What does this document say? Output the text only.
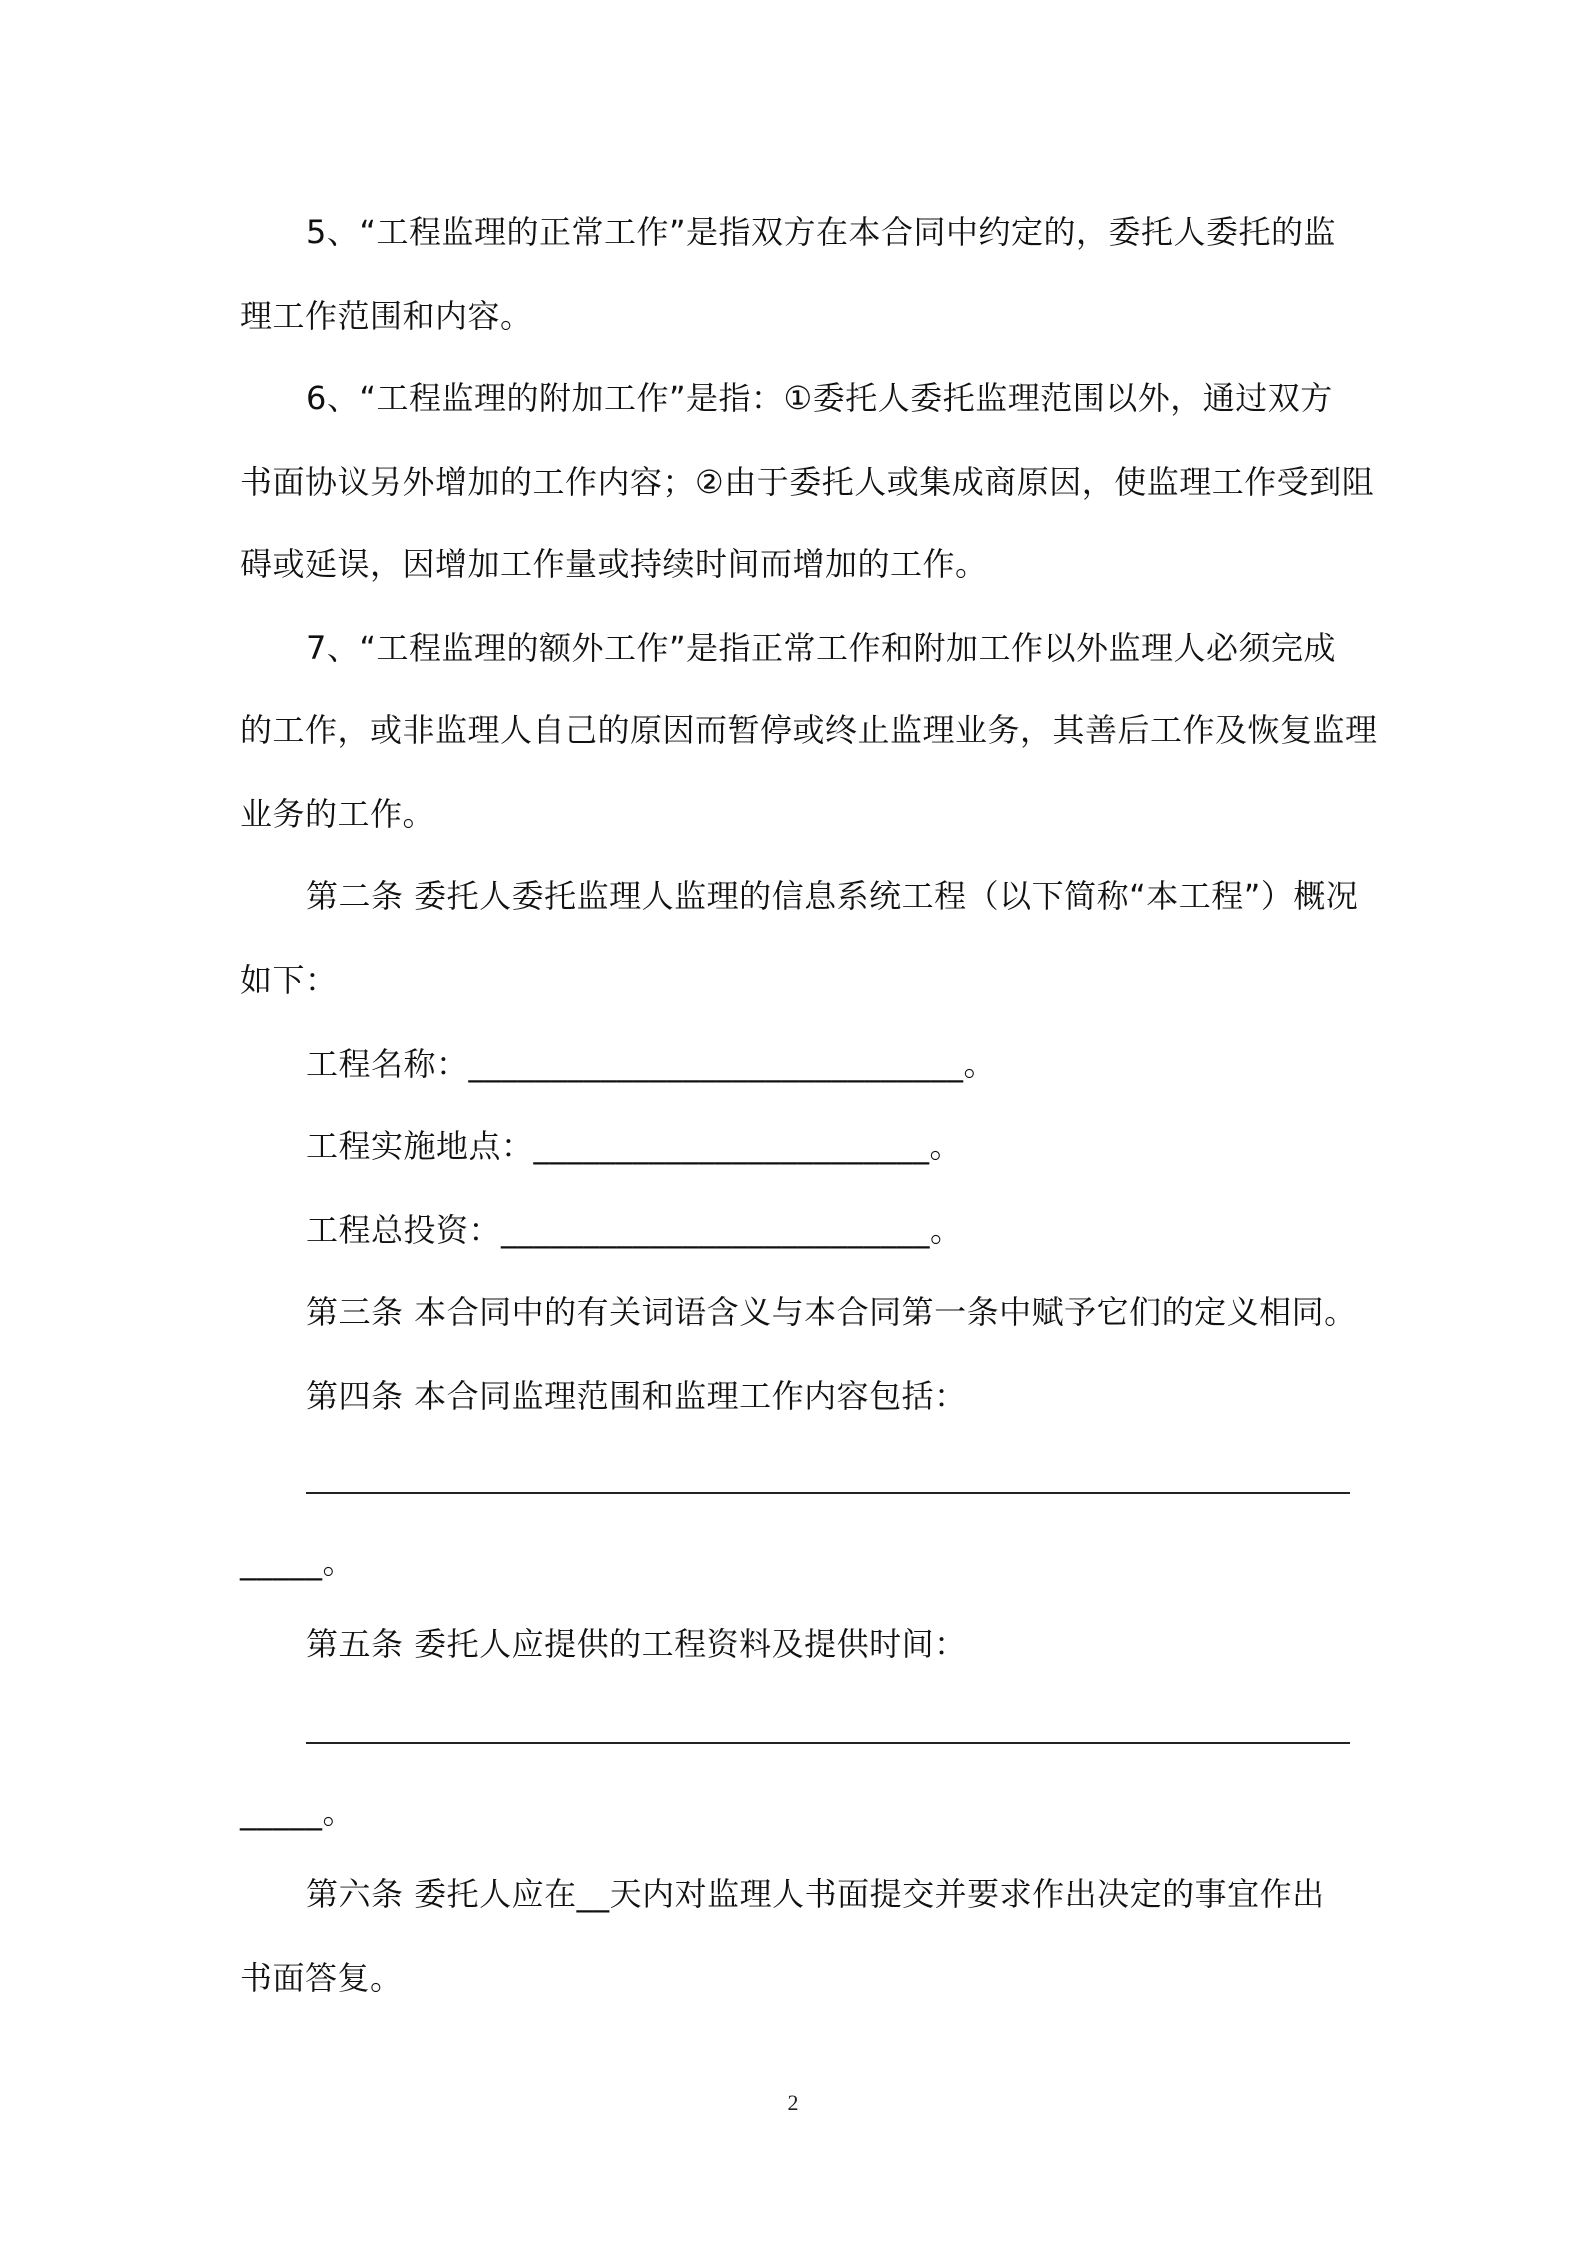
5、“工程监理的正常工作”是指双方在本合同中约定的，委托人委托的监
理工作范围和内容。
6、“工程监理的附加工作”是指：①委托人委托监理范围以外，通过双方
书面协议另外增加的工作内容；②由于委托人或集成商原因，使监理工作受到阻
碍或延误，因增加工作量或持续时间而增加的工作。
7、“工程监理的额外工作”是指正常工作和附加工作以外监理人必须完成
的工作，或非监理人自己的原因而暂停或终止监理业务，其善后工作及恢复监理
业务的工作。
第二条 委托人委托监理人监理的信息系统工程（以下简称“本工程”）概况
如下：
工程名称：______________________________。
工程实施地点：________________________。
工程总投资：__________________________。
第三条 本合同中的有关词语含义与本合同第一条中赋予它们的定义相同。
第四条 本合同监理范围和监理工作内容包括：
_____。
第五条 委托人应提供的工程资料及提供时间：
_____。
第六条 委托人应在__天内对监理人书面提交并要求作出决定的事宜作出
书面答复。
2
